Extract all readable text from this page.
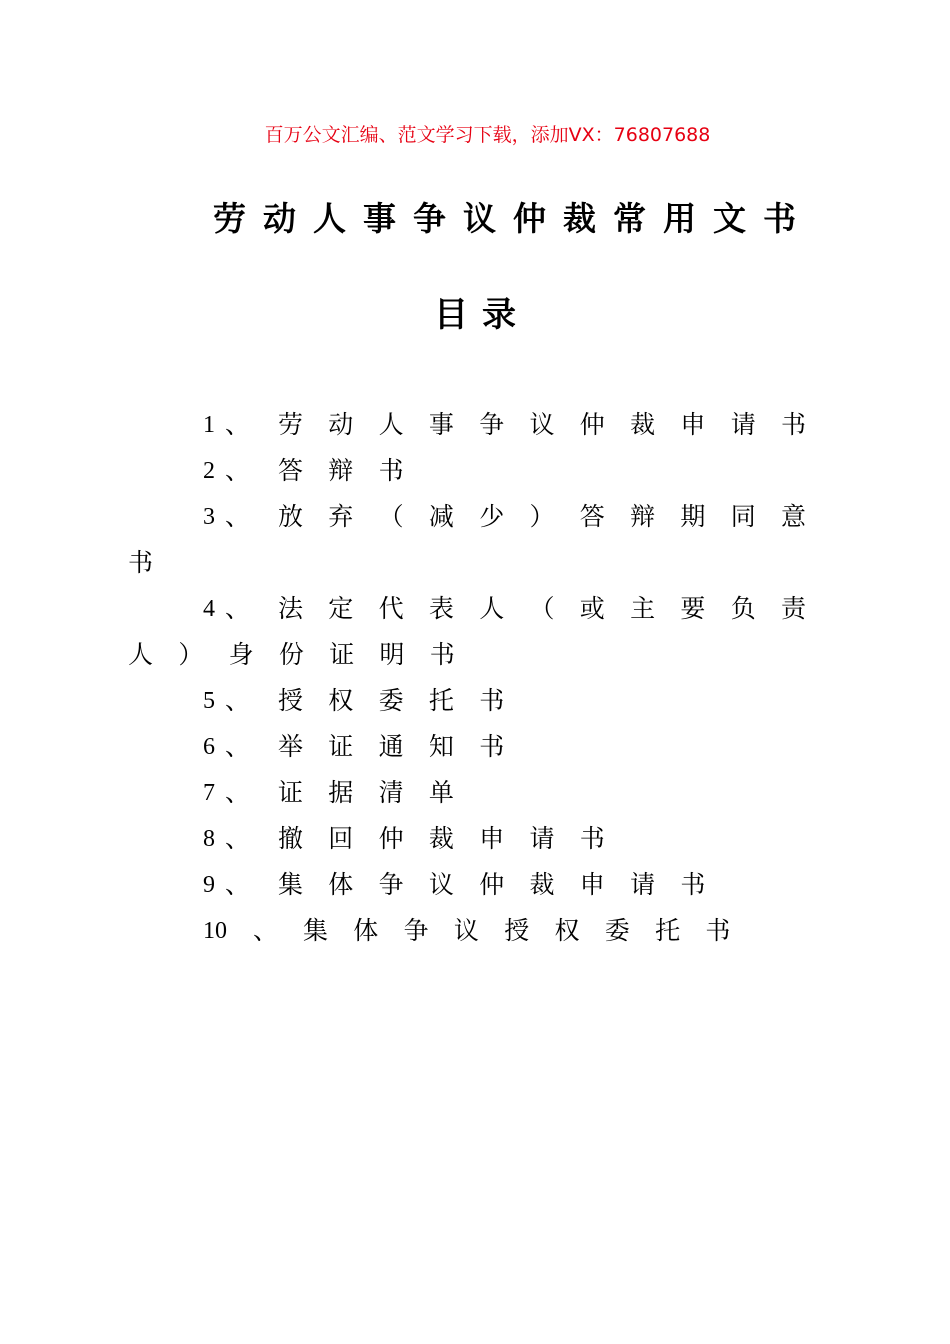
百万公文汇编、范文学习下载，添加VX：76807688
劳动人事争议仲裁常用文书
目录
1 、 劳 动 人 事 争 议 仲 裁 申 请 书
2 、 答 辩 书
3 、 放 弃 （ 减 少 ） 答 辩 期 同 意
书
4 、 法 定 代 表 人 （ 或 主 要 负 责
人 ） 身 份 证 明 书
5 、 授 权 委 托 书
6 、 举 证 通 知 书
7 、 证 据 清 单
8 、 撤 回 仲 裁 申 请 书
9 、 集 体 争 议 仲 裁 申 请 书
10 、 集 体 争 议 授 权 委 托 书
